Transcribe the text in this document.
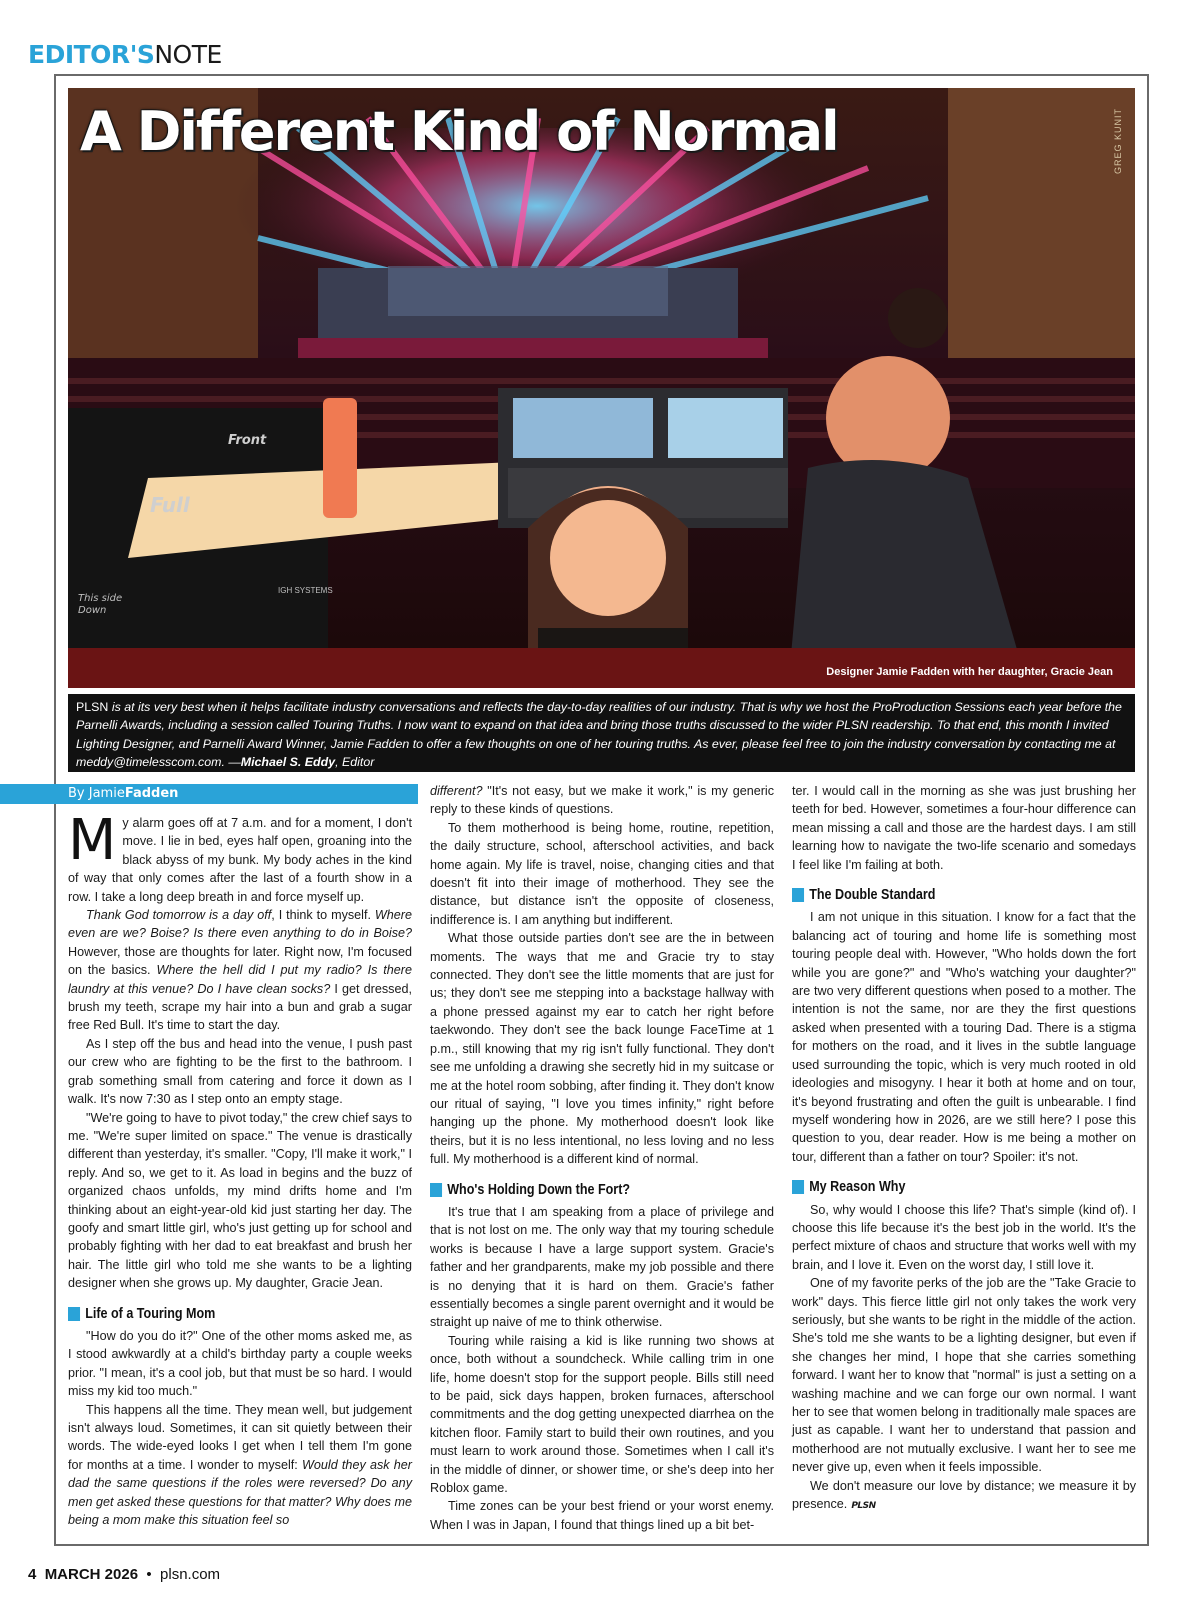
EDITOR'SNOTE
A Different Kind of Normal	GREG KUNIT
Front
Full
This side Down
IGH SYSTEMS
Designer Jamie Fadden with her daughter, Gracie Jean
PLSN is at its very best when it helps facilitate industry conversations and reflects the day-to-day realities of our industry. That is why we host the ProProduction Sessions each year before the Parnelli Awards, including a session called Touring Truths. I now want to expand on that idea and bring those truths discussed to the wider PLSN readership. To that end, this month I invited Lighting Designer, and Parnelli Award Winner, Jamie Fadden to offer a few thoughts on one of her touring truths. As ever, please feel free to join the industry conversation by contacting me at meddy@timelesscom.com. —Michael S. Eddy, Editor
By JamieFadden

My alarm goes off at 7 a.m. and for a moment, I don't move. I lie in bed, eyes half open, groaning into the black abyss of my bunk. My body aches in the kind of way that only comes after the last of a fourth show in a row. I take a long deep breath in and force myself up.

Thank God tomorrow is a day off, I think to myself. Where even are we? Boise? Is there even anything to do in Boise? However, those are thoughts for later. Right now, I'm focused on the basics. Where the hell did I put my radio? Is there laundry at this venue? Do I have clean socks? I get dressed, brush my teeth, scrape my hair into a bun and grab a sugar free Red Bull. It's time to start the day.

As I step off the bus and head into the venue, I push past our crew who are fighting to be the first to the bathroom. I grab something small from catering and force it down as I walk. It's now 7:30 as I step onto an empty stage.

"We're going to have to pivot today," the crew chief says to me. "We're super limited on space." The venue is drastically different than yesterday, it's smaller. "Copy, I'll make it work," I reply. And so, we get to it. As load in begins and the buzz of organized chaos unfolds, my mind drifts home and I'm thinking about an eight-year-old kid just starting her day. The goofy and smart little girl, who's just getting up for school and probably fighting with her dad to eat breakfast and brush her hair. The little girl who told me she wants to be a lighting designer when she grows up. My daughter, Gracie Jean.

Life of a Touring Mom

"How do you do it?" One of the other moms asked me, as I stood awkwardly at a child's birthday party a couple weeks prior. "I mean, it's a cool job, but that must be so hard. I would miss my kid too much."

This happens all the time. They mean well, but judgement isn't always loud. Sometimes, it can sit quietly between their words. The wide-eyed looks I get when I tell them I'm gone for months at a time. I wonder to myself: Would they ask her dad the same questions if the roles were reversed? Do any men get asked these questions for that matter? Why does me being a mom make this situation feel so

different? "It's not easy, but we make it work," is my generic reply to these kinds of questions.

To them motherhood is being home, routine, repetition, the daily structure, school, afterschool activities, and back home again. My life is travel, noise, changing cities and that doesn't fit into their image of motherhood. They see the distance, but distance isn't the opposite of closeness, indifference is. I am anything but indifferent.

What those outside parties don't see are the in between moments. The ways that me and Gracie try to stay connected. They don't see the little moments that are just for us; they don't see me stepping into a backstage hallway with a phone pressed against my ear to catch her right before taekwondo. They don't see the back lounge FaceTime at 1 p.m., still knowing that my rig isn't fully functional. They don't see me unfolding a drawing she secretly hid in my suitcase or me at the hotel room sobbing, after finding it. They don't know our ritual of saying, "I love you times infinity," right before hanging up the phone. My motherhood doesn't look like theirs, but it is no less intentional, no less loving and no less full. My motherhood is a different kind of normal.

Who's Holding Down the Fort?

It's true that I am speaking from a place of privilege and that is not lost on me. The only way that my touring schedule works is because I have a large support system. Gracie's father and her grandparents, make my job possible and there is no denying that it is hard on them. Gracie's father essentially becomes a single parent overnight and it would be straight up naive of me to think otherwise.

Touring while raising a kid is like running two shows at once, both without a soundcheck. While calling trim in one life, home doesn't stop for the support people. Bills still need to be paid, sick days happen, broken furnaces, afterschool commitments and the dog getting unexpected diarrhea on the kitchen floor. Family start to build their own routines, and you must learn to work around those. Sometimes when I call it's in the middle of dinner, or shower time, or she's deep into her Roblox game.

Time zones can be your best friend or your worst enemy. When I was in Japan, I found that things lined up a bit bet-

ter. I would call in the morning as she was just brushing her teeth for bed. However, sometimes a four-hour difference can mean missing a call and those are the hardest days. I am still learning how to navigate the two-life scenario and somedays I feel like I'm failing at both.

The Double Standard

I am not unique in this situation. I know for a fact that the balancing act of touring and home life is something most touring people deal with. However, "Who holds down the fort while you are gone?" and "Who's watching your daughter?" are two very different questions when posed to a mother. The intention is not the same, nor are they the first questions asked when presented with a touring Dad. There is a stigma for mothers on the road, and it lives in the subtle language used surrounding the topic, which is very much rooted in old ideologies and misogyny. I hear it both at home and on tour, it's beyond frustrating and often the guilt is unbearable. I find myself wondering how in 2026, are we still here? I pose this question to you, dear reader. How is me being a mother on tour, different than a father on tour? Spoiler: it's not.

My Reason Why

So, why would I choose this life? That's simple (kind of). I choose this life because it's the best job in the world. It's the perfect mixture of chaos and structure that works well with my brain, and I love it. Even on the worst day, I still love it.

One of my favorite perks of the job are the "Take Gracie to work" days. This fierce little girl not only takes the work very seriously, but she wants to be right in the middle of the action. She's told me she wants to be a lighting designer, but even if she changes her mind, I hope that she carries something forward. I want her to know that "normal" is just a setting on a washing machine and we can forge our own normal. I want her to see that women belong in traditionally male spaces are just as capable. I want her to understand that passion and motherhood are not mutually exclusive. I want her to see me never give up, even when it feels impossible.

We don't measure our love by distance; we measure it by presence. PLSN

4 MARCH 2026 • plsn.com
